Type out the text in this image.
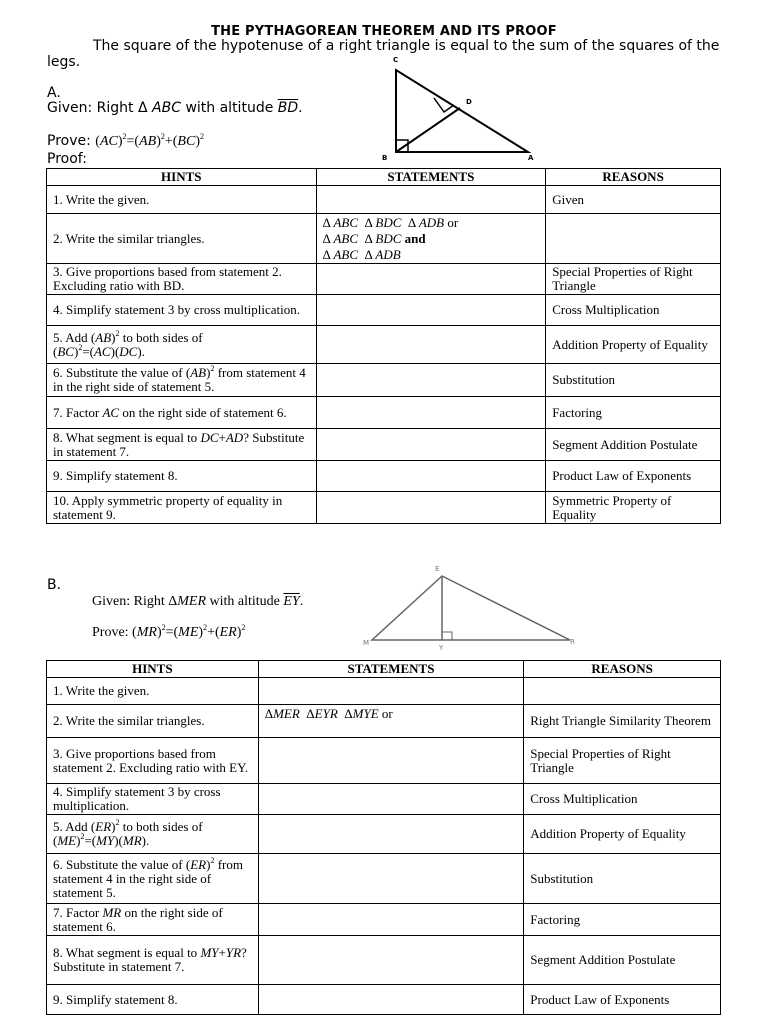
THE PYTHAGOREAN THEOREM AND ITS PROOF
The square of the hypotenuse of a right triangle is equal to the sum of the squares of the legs.
A.
Given: Right Δ ABC with altitude $\overline{BD}$.
Prove: (AC)$^2$=(AB)$^2$+(BC)$^2$
Proof:
C
D
B	A
HINTS	STATEMENTS	REASONS
1. Write the given.		Given
2. Write the similar triangles.	Δ ABC  Δ BDC  Δ ADB or
Δ ABC  Δ BDC and
Δ ABC  Δ ADB	

3. Give proportions based from statement 2. Excluding ratio with BD.		Special Properties of Right Triangle
4. Simplify statement 3 by cross multiplication.		Cross Multiplication
5. Add (AB)$^2$ to both sides of
(BC)$^2$=(AC)(DC).		Addition Property of Equality
6. Substitute the value of (AB)$^2$ from statement 4 in the right side of statement 5.		Substitution
7. Factor AC on the right side of statement 6.		Factoring
8. What segment is equal to DC+AD? Substitute in statement 7.		Segment Addition Postulate
9. Simplify statement 8.		Product Law of Exponents
10. Apply symmetric property of equality in statement 9.		Symmetric Property of Equality
B.
Given: Right ΔMER with altitude $\overline{EY}$.
Prove: (MR)$^2$=(ME)$^2$+(ER)$^2$
E
M
Y
R
HINTS	STATEMENTS	REASONS
1. Write the given.		
2. Write the similar triangles.	ΔMER  ΔEYR  ΔMYE or	Right Triangle Similarity Theorem
3. Give proportions based from statement 2. Excluding ratio with EY.		Special Properties of Right Triangle
4. Simplify statement 3 by cross multiplication.		Cross Multiplication
5. Add (ER)$^2$ to both sides of
(ME)$^2$=(MY)(MR).		Addition Property of Equality
6. Substitute the value of (ER)$^2$ from statement 4 in the right side of statement 5.		Substitution
7. Factor MR on the right side of statement 6.		Factoring
8. What segment is equal to MY+YR? Substitute in statement 7.		Segment Addition Postulate
9. Simplify statement 8.		Product Law of Exponents
